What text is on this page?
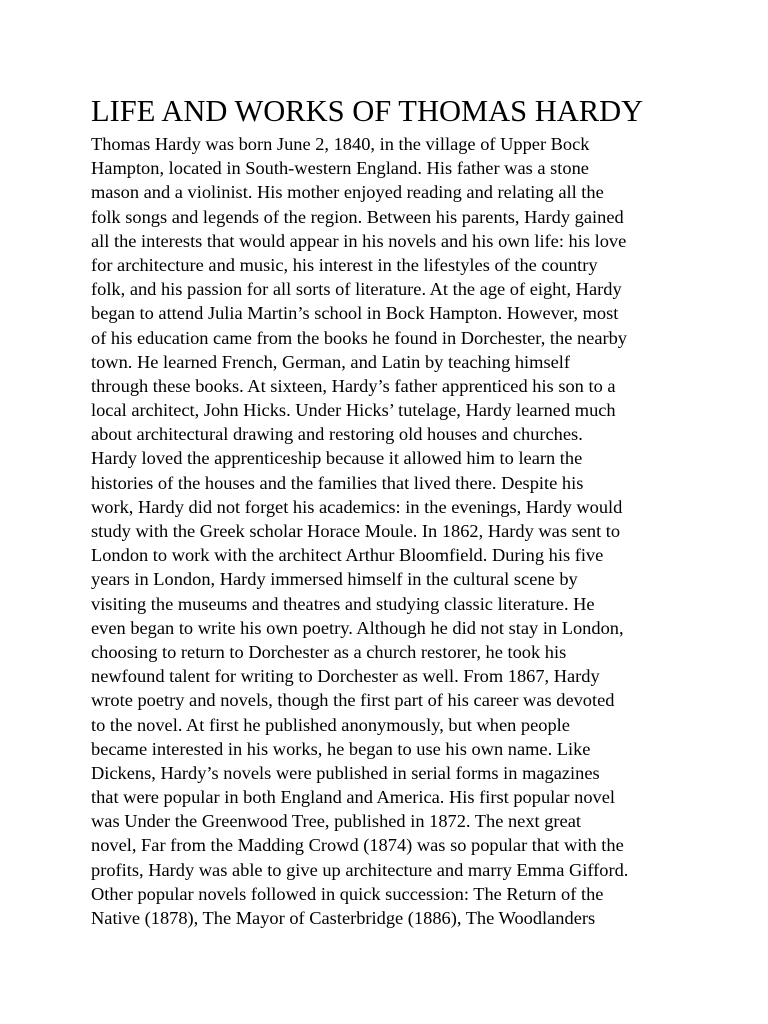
LIFE AND WORKS OF THOMAS HARDY
Thomas Hardy was born June 2, 1840, in the village of Upper Bock
Hampton, located in South-western England. His father was a stone
mason and a violinist. His mother enjoyed reading and relating all the
folk songs and legends of the region. Between his parents, Hardy gained
all the interests that would appear in his novels and his own life: his love
for architecture and music, his interest in the lifestyles of the country
folk, and his passion for all sorts of literature. At the age of eight, Hardy
began to attend Julia Martin’s school in Bock Hampton. However, most
of his education came from the books he found in Dorchester, the nearby
town. He learned French, German, and Latin by teaching himself
through these books. At sixteen, Hardy’s father apprenticed his son to a
local architect, John Hicks. Under Hicks’ tutelage, Hardy learned much
about architectural drawing and restoring old houses and churches.
Hardy loved the apprenticeship because it allowed him to learn the
histories of the houses and the families that lived there. Despite his
work, Hardy did not forget his academics: in the evenings, Hardy would
study with the Greek scholar Horace Moule. In 1862, Hardy was sent to
London to work with the architect Arthur Bloomfield. During his five
years in London, Hardy immersed himself in the cultural scene by
visiting the museums and theatres and studying classic literature. He
even began to write his own poetry. Although he did not stay in London,
choosing to return to Dorchester as a church restorer, he took his
newfound talent for writing to Dorchester as well. From 1867, Hardy
wrote poetry and novels, though the first part of his career was devoted
to the novel. At first he published anonymously, but when people
became interested in his works, he began to use his own name. Like
Dickens, Hardy’s novels were published in serial forms in magazines
that were popular in both England and America. His first popular novel
was Under the Greenwood Tree, published in 1872. The next great
novel, Far from the Madding Crowd (1874) was so popular that with the
profits, Hardy was able to give up architecture and marry Emma Gifford.
Other popular novels followed in quick succession: The Return of the
Native (1878), The Mayor of Casterbridge (1886), The Woodlanders
